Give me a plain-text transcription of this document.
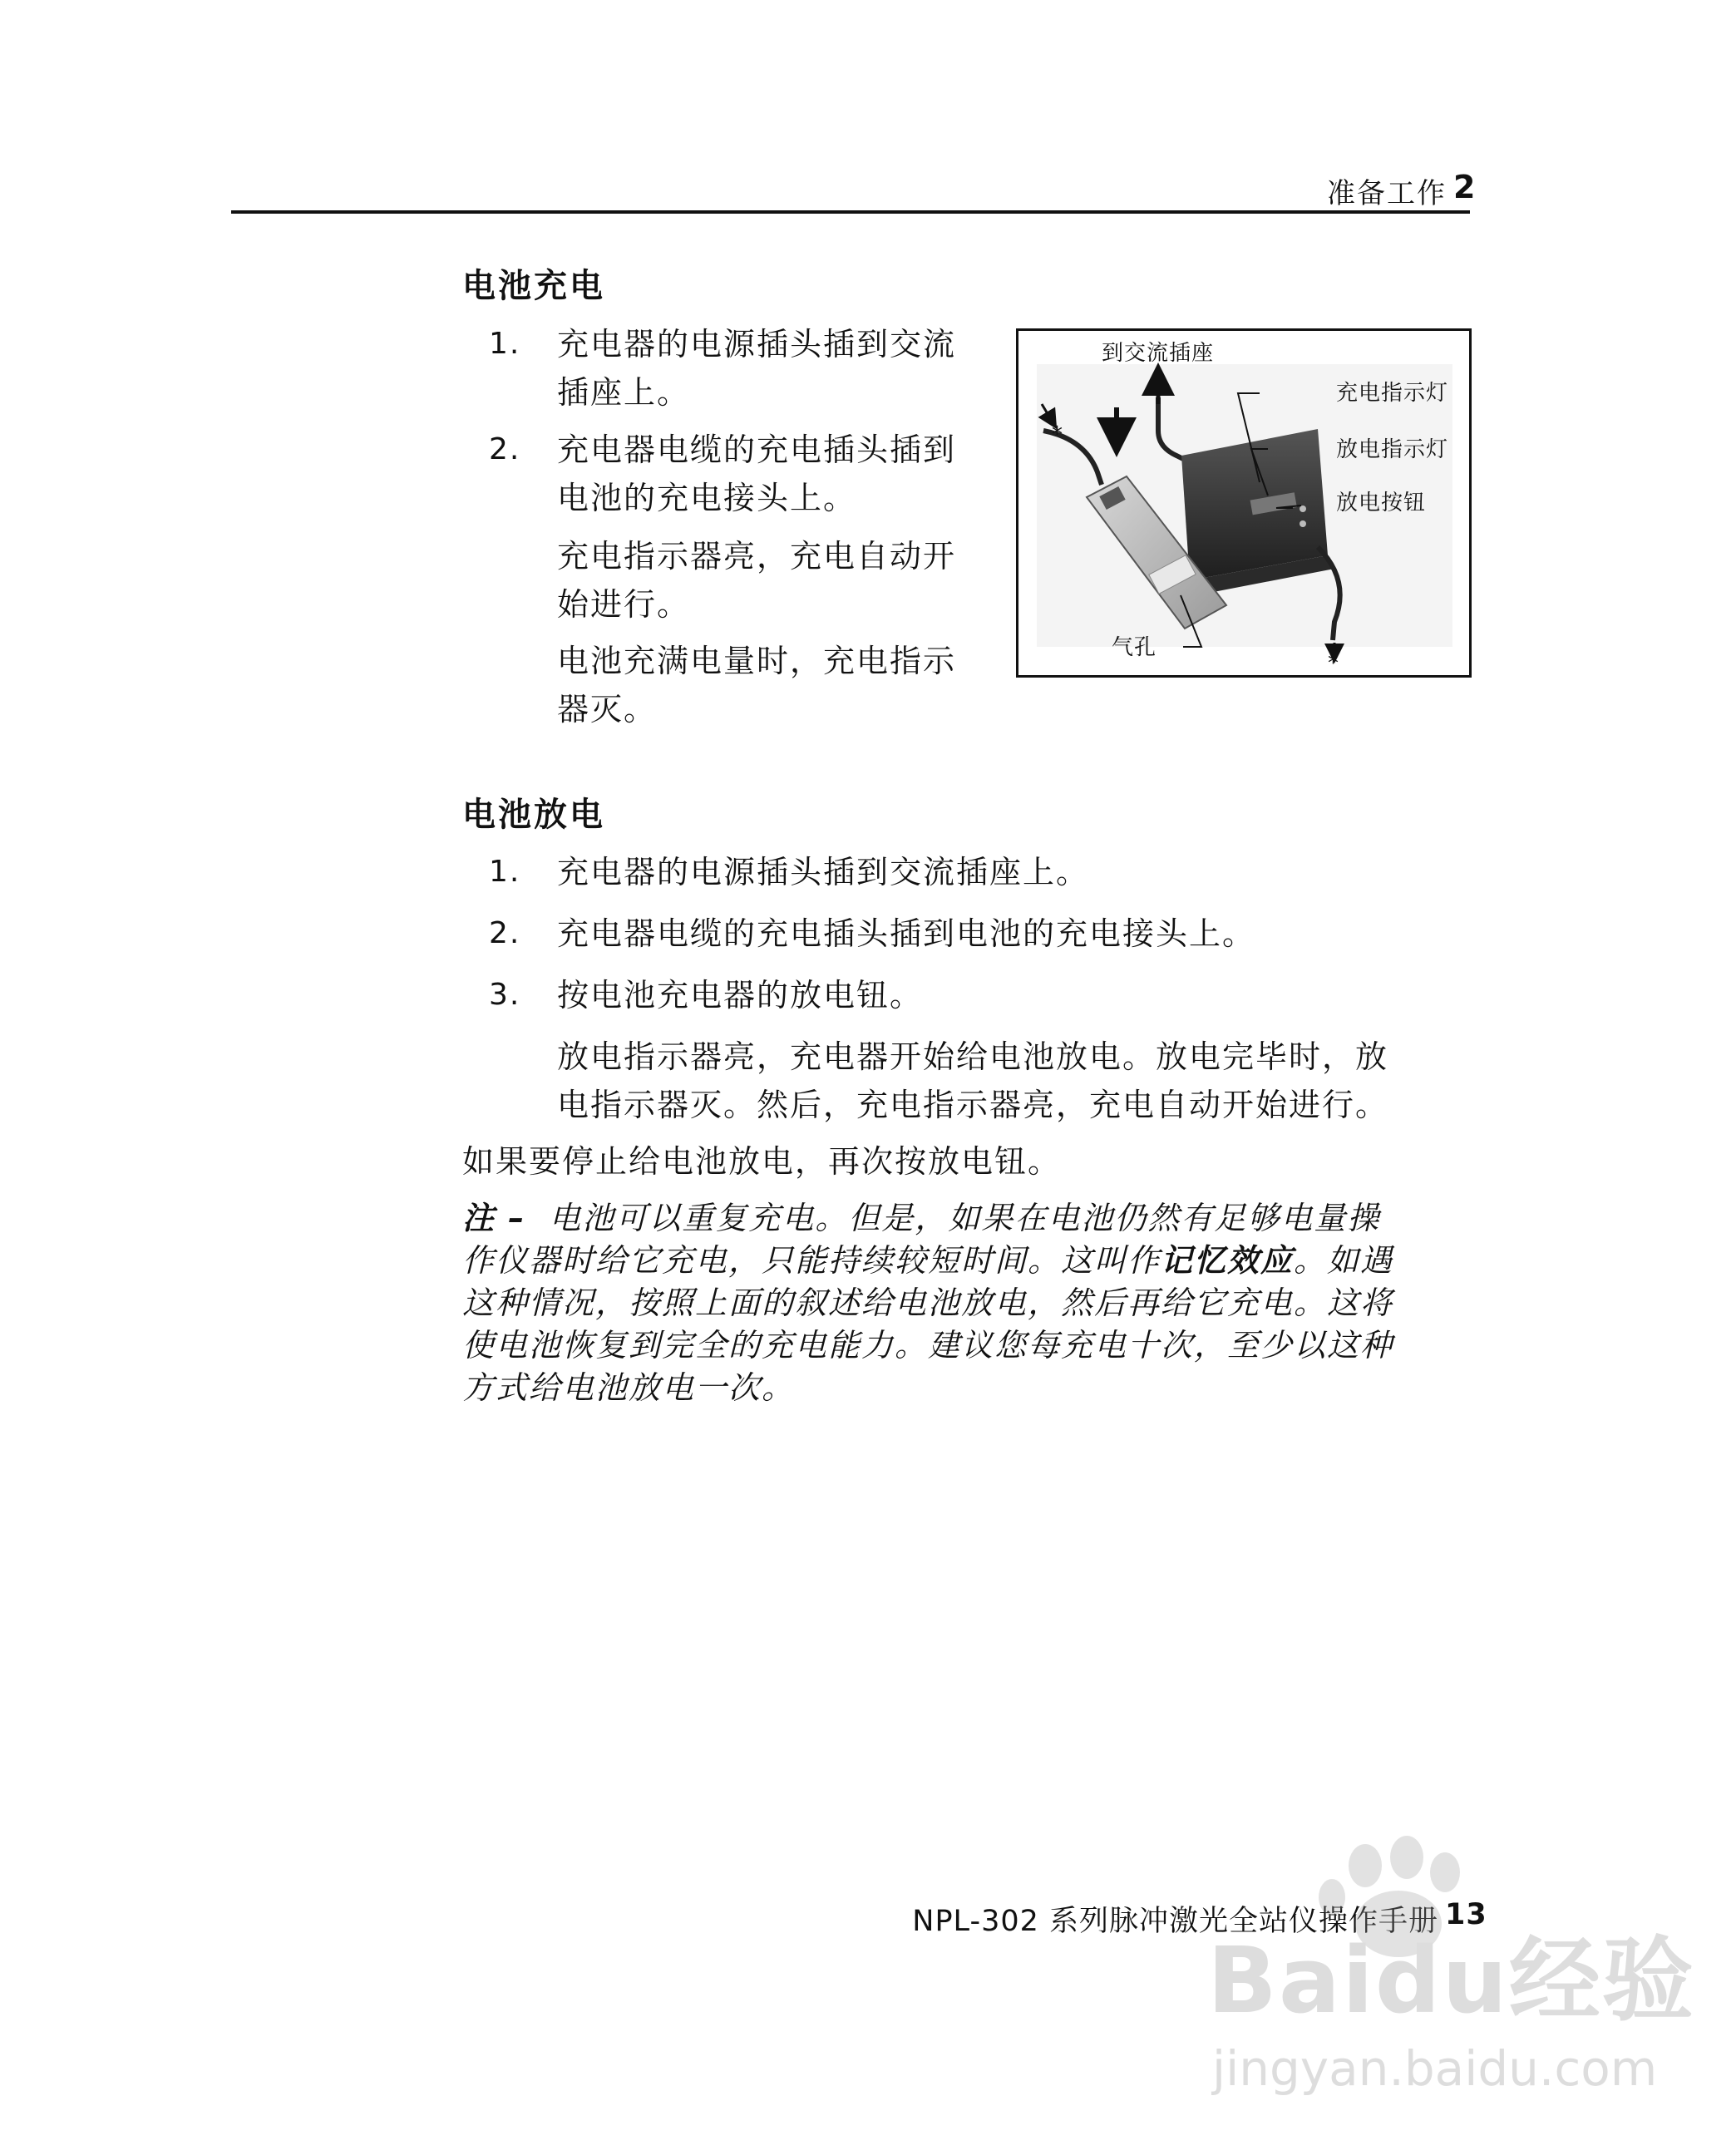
准备工作 2
电池充电
1. 充电器的电源插头插到交流
插座上。
2. 充电器电缆的充电插头插到
电池的充电接头上。
充电指示器亮，充电自动开
始进行。
电池充满电量时，充电指示
器灭。
到交流插座
充电指示灯
放电指示灯
放电按钮
气孔
*
*
电池放电
1. 充电器的电源插头插到交流插座上。
2. 充电器电缆的充电插头插到电池的充电接头上。
3. 按电池充电器的放电钮。
放电指示器亮，充电器开始给电池放电。放电完毕时，放
电指示器灭。然后，充电指示器亮，充电自动开始进行。
如果要停止给电池放电，再次按放电钮。
注 – 电池可以重复充电。但是，如果在电池仍然有足够电量操
作仪器时给它充电，只能持续较短时间。这叫作记忆效应。如遇
这种情况，按照上面的叙述给电池放电，然后再给它充电。这将
使电池恢复到完全的充电能力。建议您每充电十次，至少以这种
方式给电池放电一次。
NPL-302 系列脉冲激光全站仪操作手册 13
Baidu经验
jingyan.baidu.com
